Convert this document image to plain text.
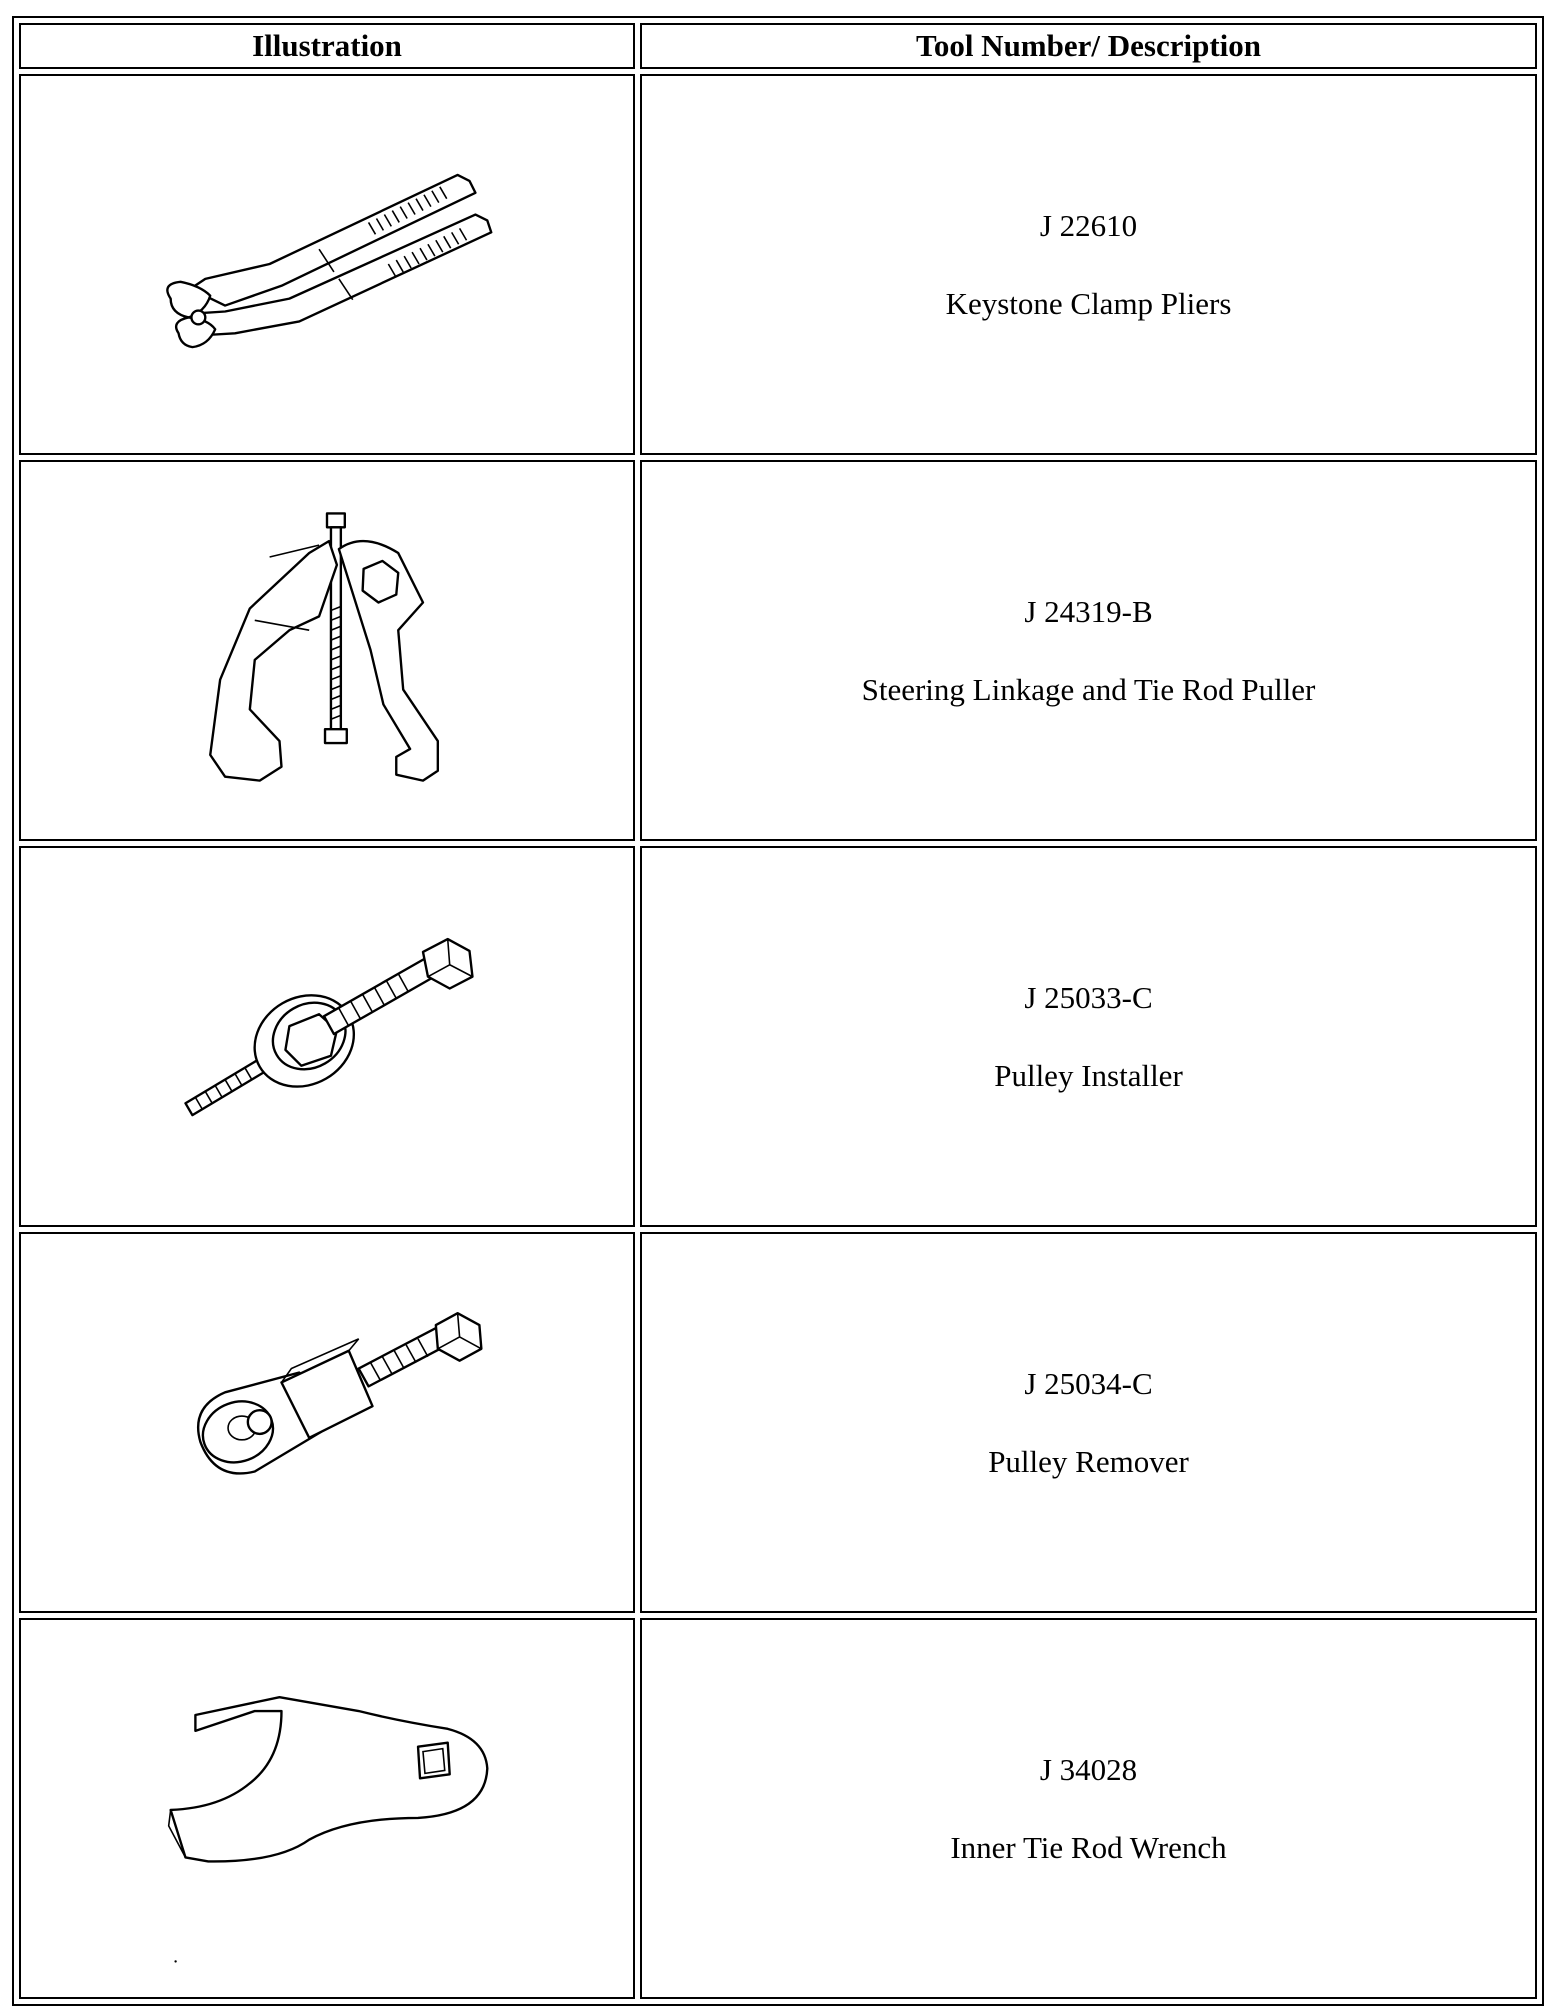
Illustration	Tool Number/ Description

J 22610
Keystone Clamp Pliers

J 24319-B
Steering Linkage and Tie Rod Puller

J 25033-C
Pulley Installer

J 25034-C
Pulley Remover

J 34028
Inner Tie Rod Wrench
